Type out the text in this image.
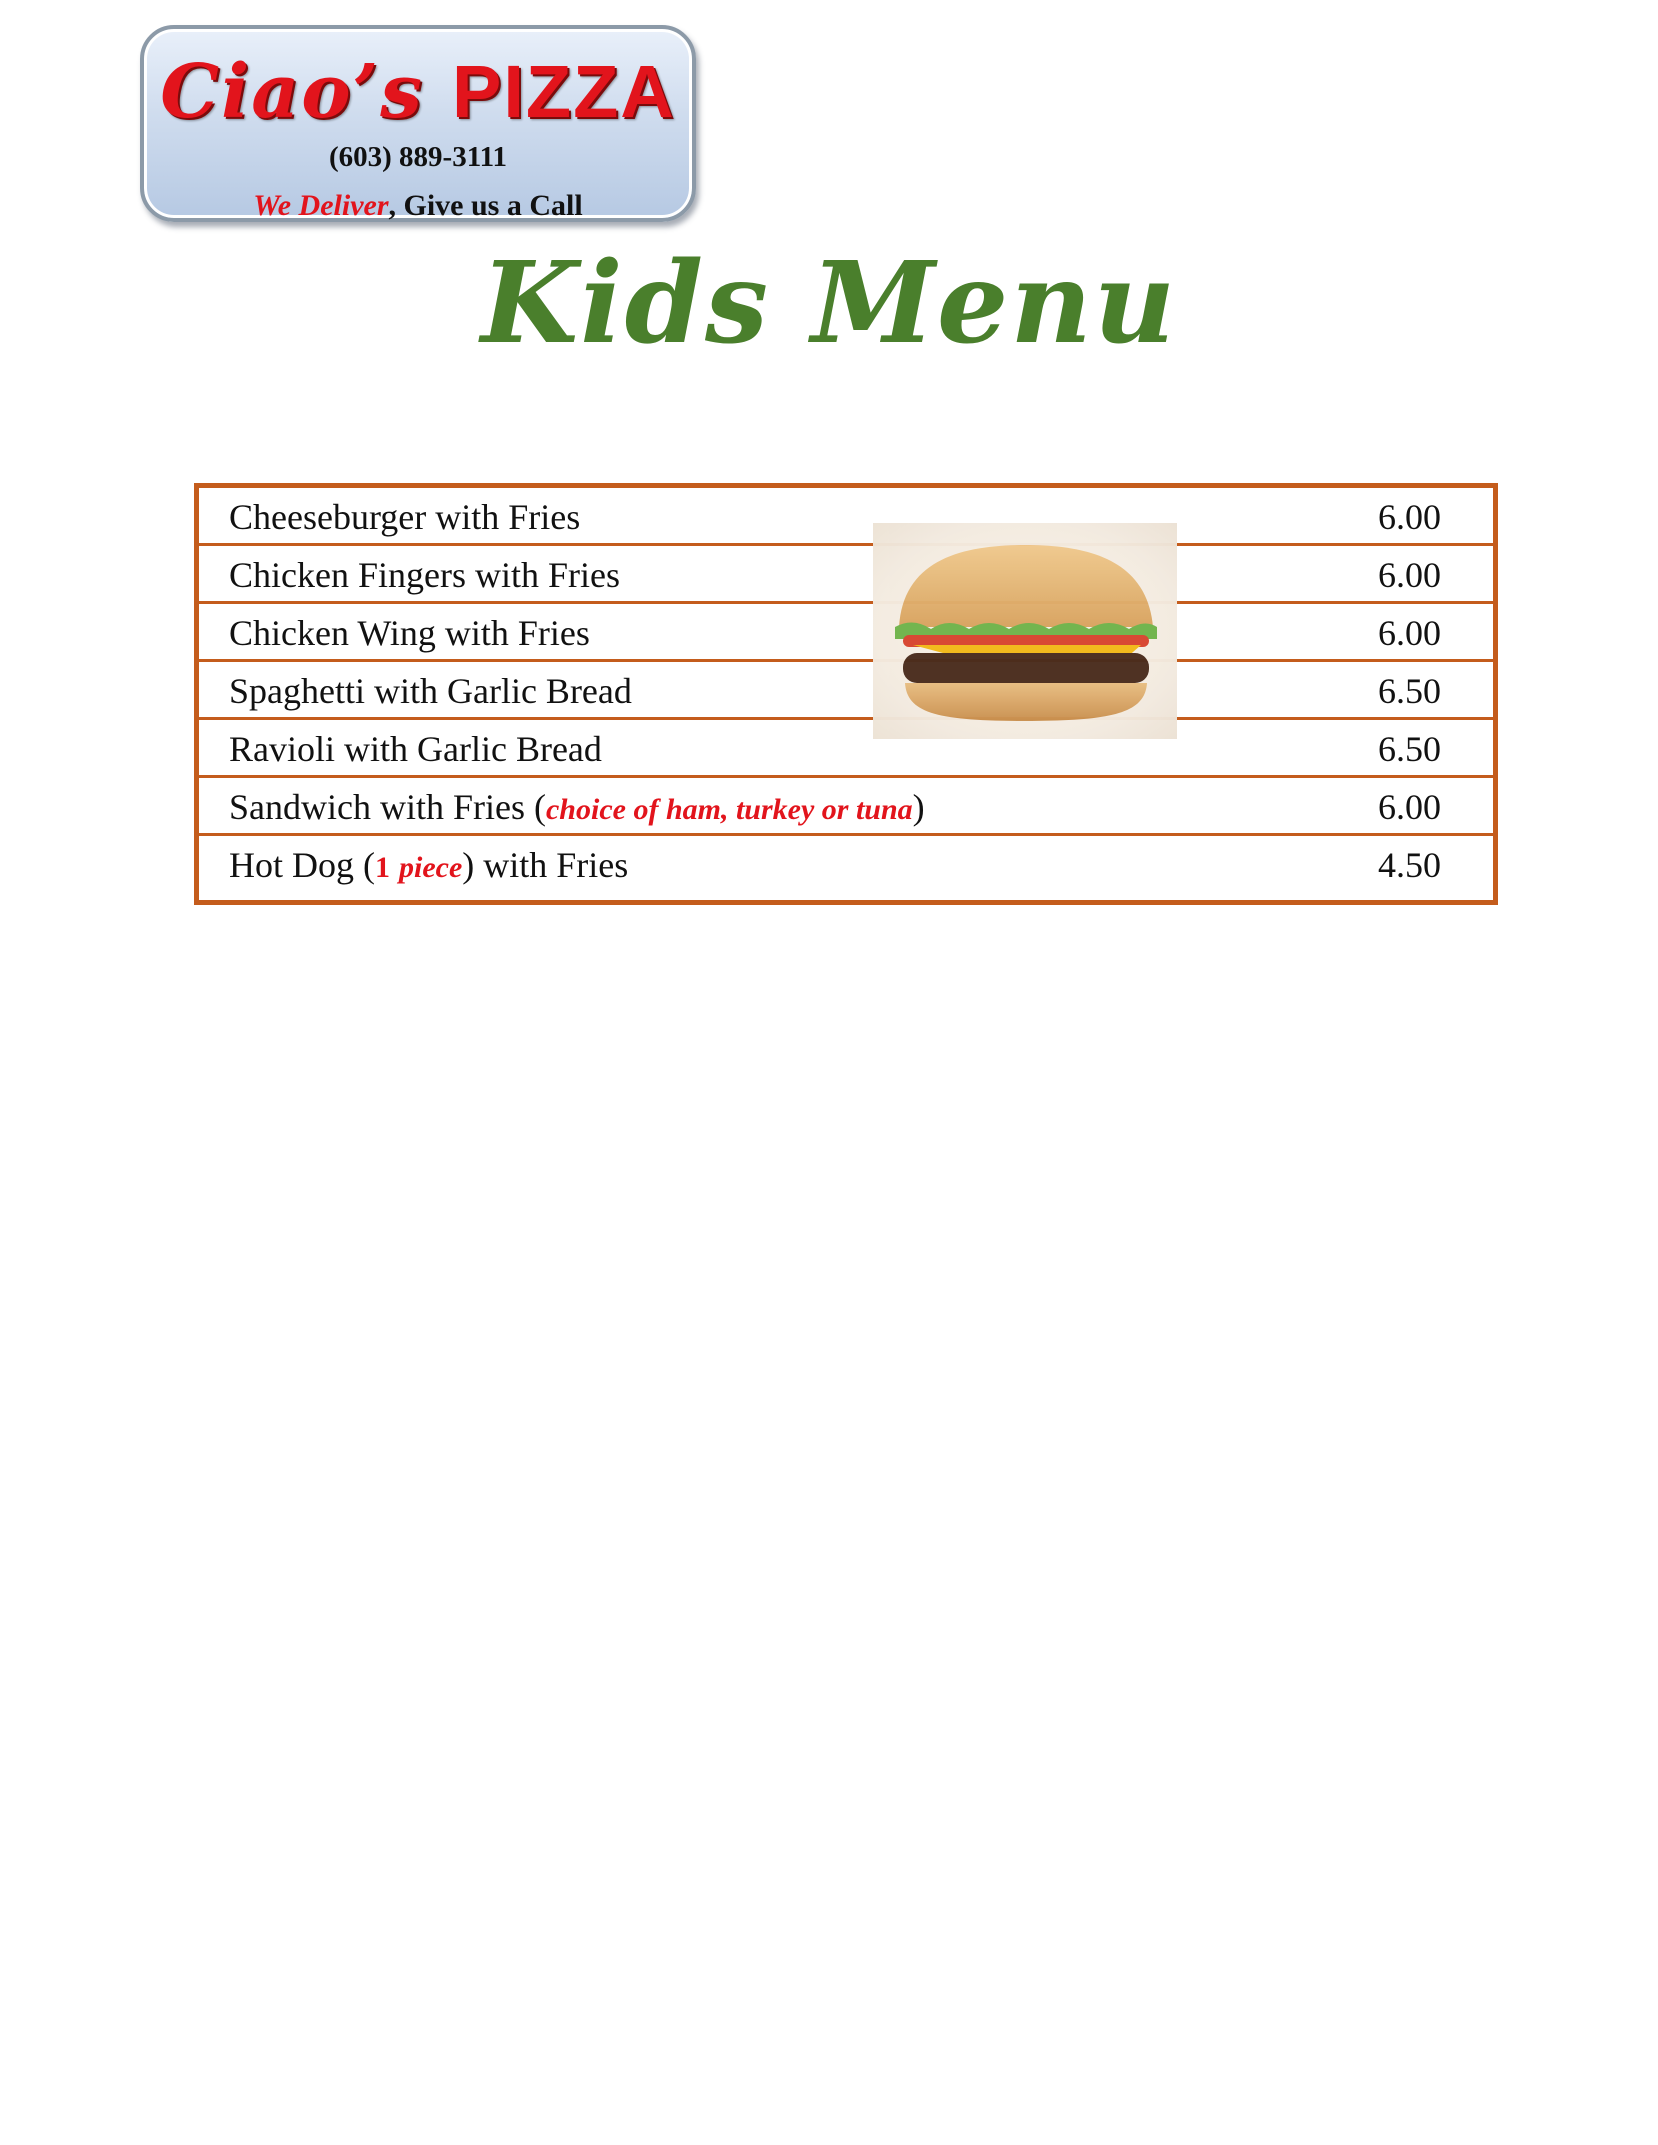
Ciao’s PIZZA
(603) 889-3111
We Deliver, Give us a Call
Kids Menu
Cheeseburger with Fries	6.00
Chicken Fingers with Fries	6.00
Chicken Wing with Fries	6.00
Spaghetti with Garlic Bread	6.50
Ravioli with Garlic Bread	6.50
Sandwich with Fries (choice of ham, turkey or tuna)	6.00
Hot Dog (1 piece) with Fries	4.50
